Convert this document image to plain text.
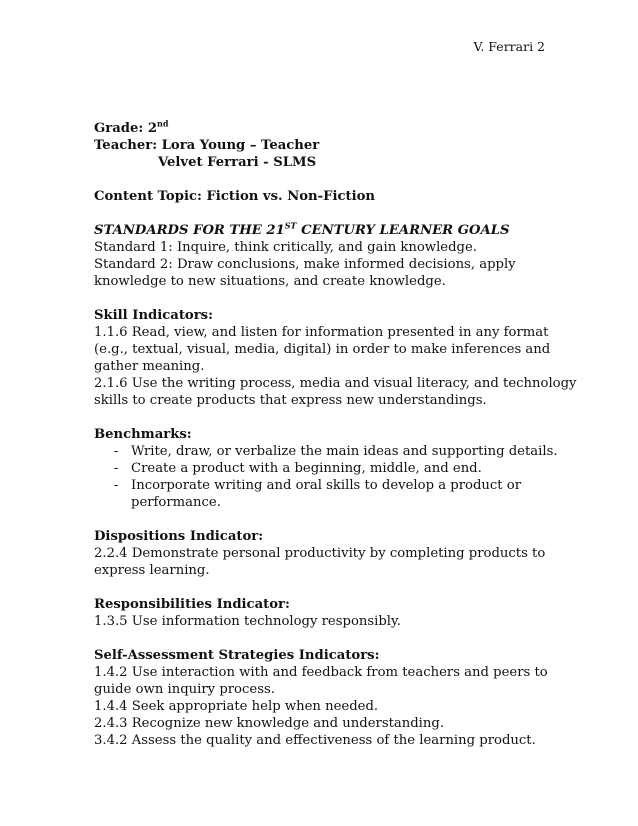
V. Ferrari 2
Grade: 2nd
Teacher: Lora Young – Teacher
Velvet Ferrari - SLMS
Content Topic: Fiction vs. Non-Fiction
STANDARDS FOR THE 21ST CENTURY LEARNER GOALS
Standard 1: Inquire, think critically, and gain knowledge.
Standard 2: Draw conclusions, make informed decisions, apply
knowledge to new situations, and create knowledge.
Skill Indicators:
1.1.6 Read, view, and listen for information presented in any format
(e.g., textual, visual, media, digital) in order to make inferences and
gather meaning.
2.1.6 Use the writing process, media and visual literacy, and technology
skills to create products that express new understandings.
Benchmarks:
- Write, draw, or verbalize the main ideas and supporting details.
- Create a product with a beginning, middle, and end.
- Incorporate writing and oral skills to develop a product or
performance.
Dispositions Indicator:
2.2.4 Demonstrate personal productivity by completing products to
express learning.
Responsibilities Indicator:
1.3.5 Use information technology responsibly.
Self-Assessment Strategies Indicators:
1.4.2 Use interaction with and feedback from teachers and peers to
guide own inquiry process.
1.4.4 Seek appropriate help when needed.
2.4.3 Recognize new knowledge and understanding.
3.4.2 Assess the quality and effectiveness of the learning product.
